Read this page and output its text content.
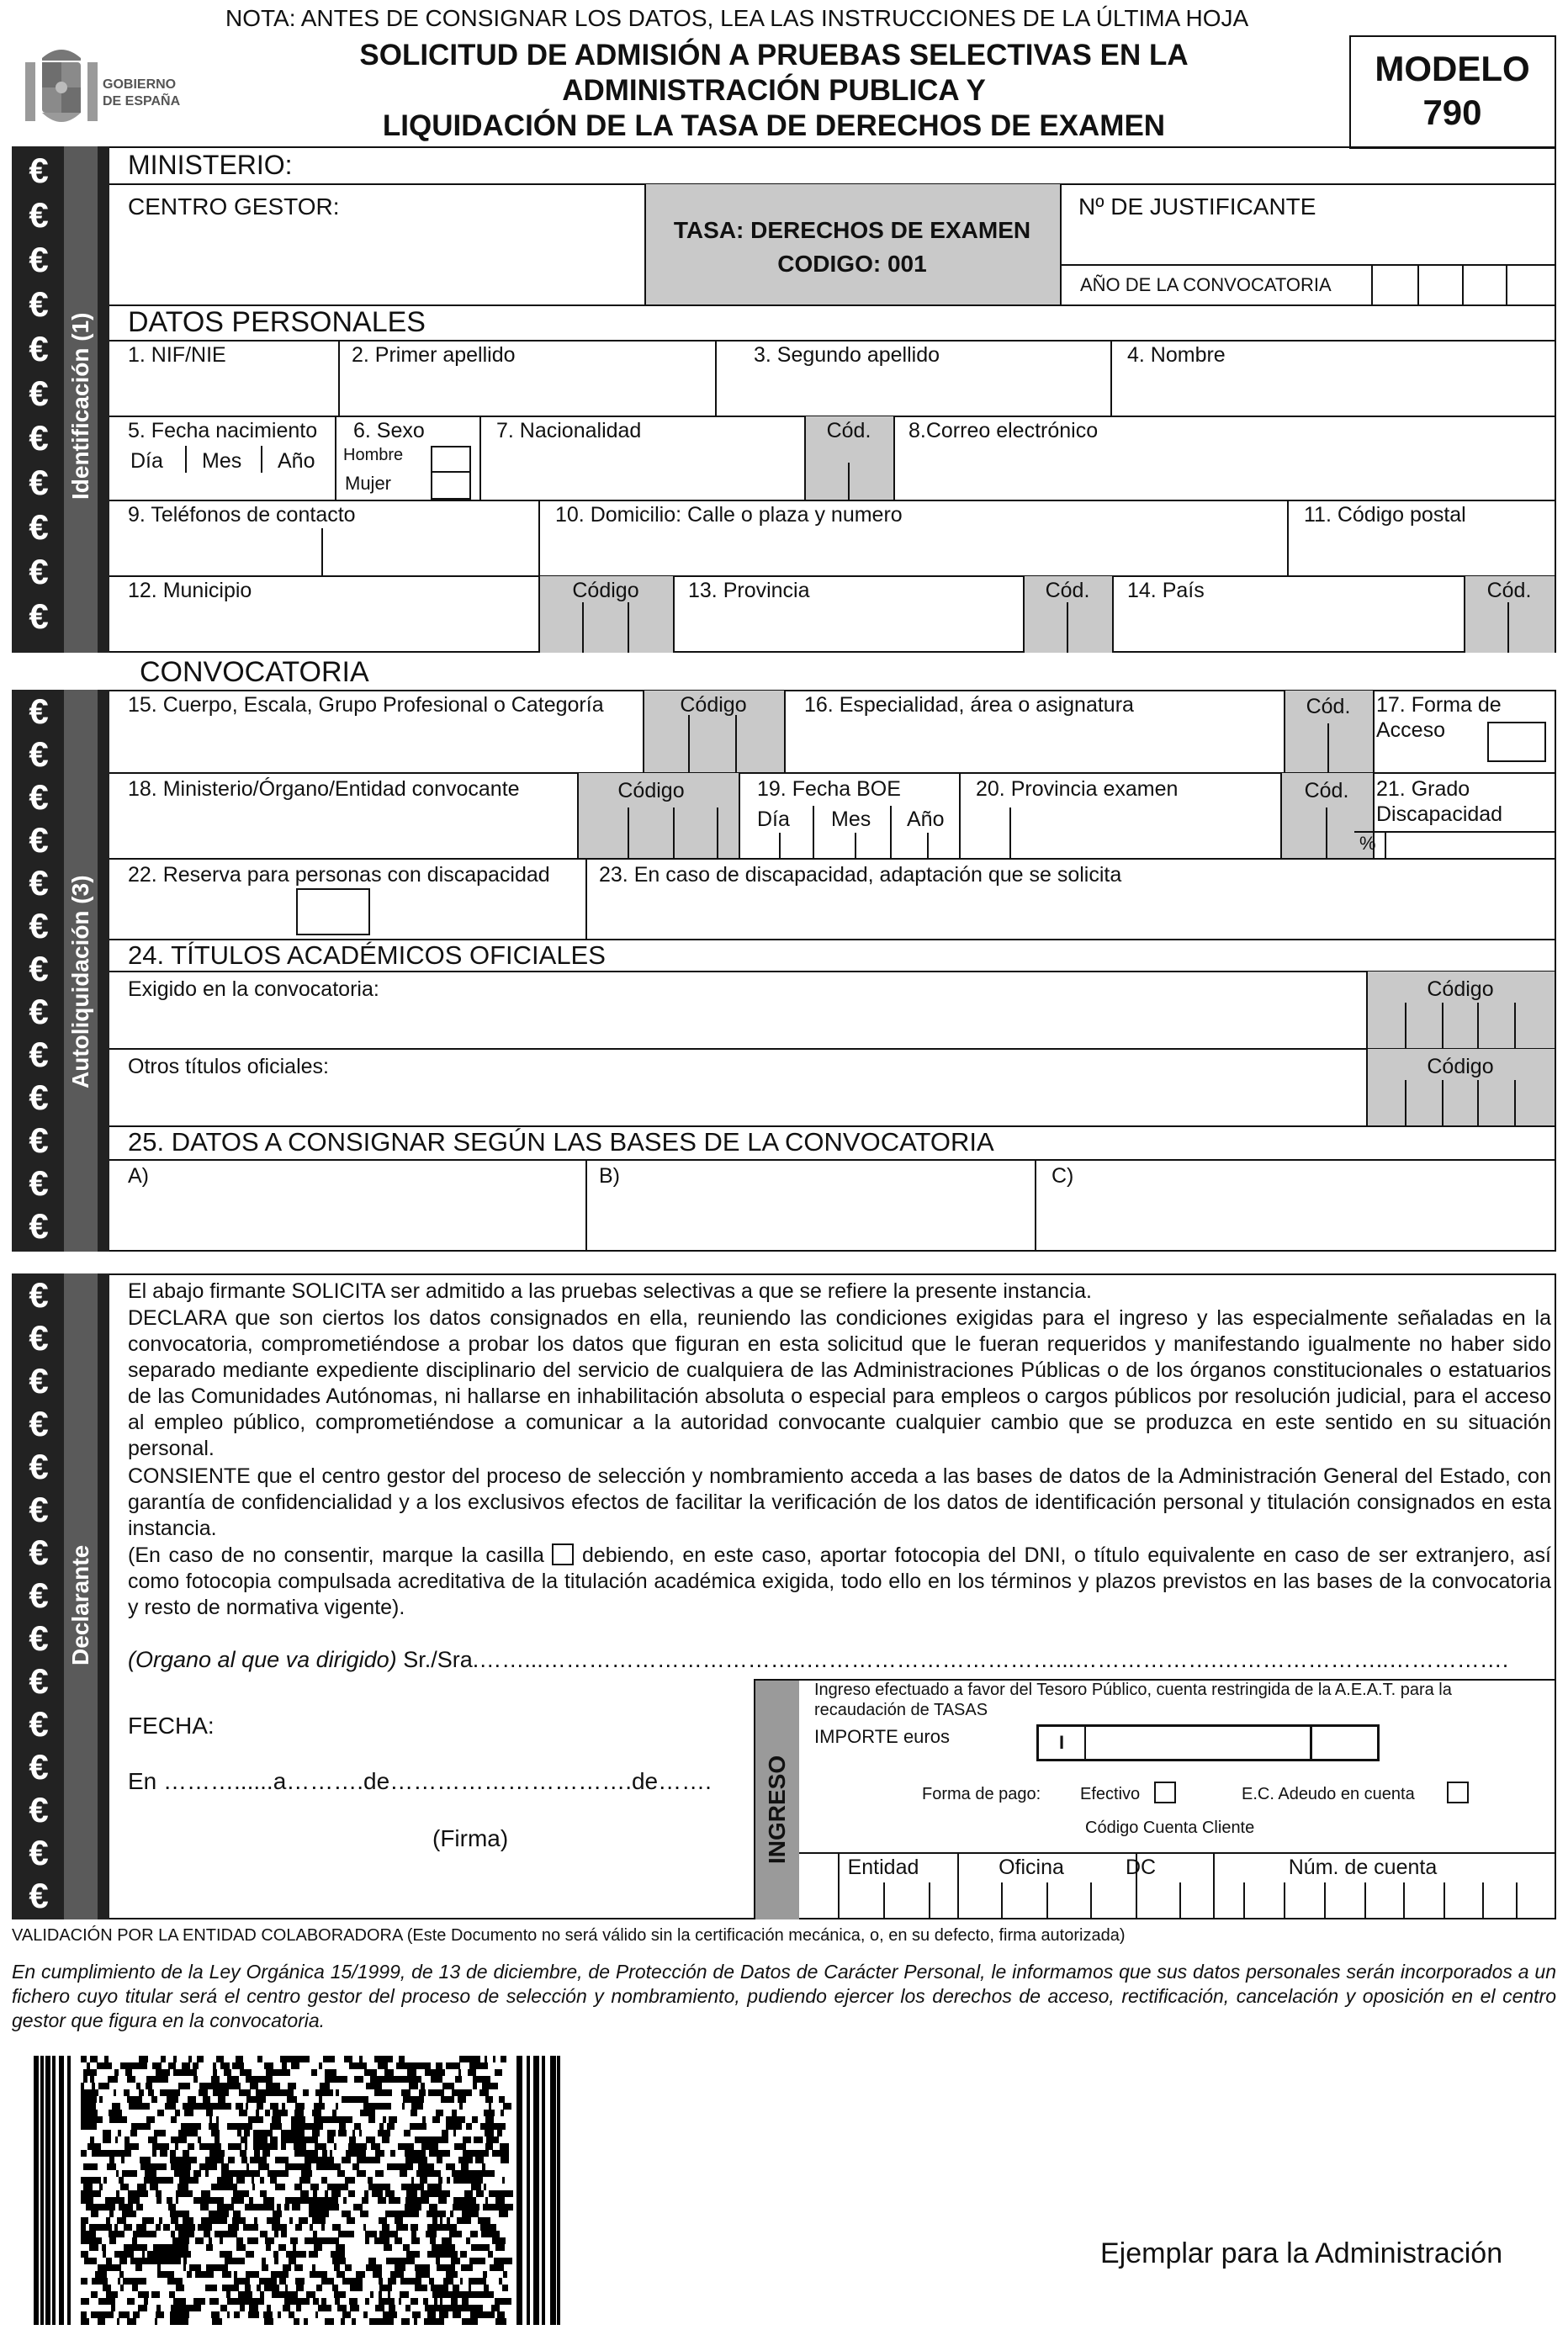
NOTA: ANTES DE CONSIGNAR LOS DATOS, LEA LAS INSTRUCCIONES DE LA ÚLTIMA HOJA
GOBIERNO
DE ESPAÑA
SOLICITUD DE ADMISIÓN A PRUEBAS SELECTIVAS EN LA
ADMINISTRACIÓN PUBLICA Y
LIQUIDACIÓN DE LA TASA DE DERECHOS DE EXAMEN
MODELO
790
€
€
€
€
€
€
€
€
€
€
€
Identificación (1)
MINISTERIO:
CENTRO GESTOR:
TASA: DERECHOS DE EXAMEN
CODIGO: 001
Nº DE JUSTIFICANTE
AÑO DE LA CONVOCATORIA
DATOS PERSONALES
1. NIF/NIE	2. Primer apellido	3. Segundo apellido	4. Nombre
5. Fecha nacimiento
Día Mes Año
6. Sexo
Hombre
Mujer
7. Nacionalidad	Cód.	8.Correo electrónico
9. Teléfonos de contacto	10. Domicilio: Calle o plaza y numero	11. Código postal
12. Municipio	Código	13. Provincia	Cód.	14. País	Cód.
CONVOCATORIA
€
€
€
€
€
€
€
€
€
€
€
€
€
Autoliquidación (3)
15. Cuerpo, Escala, Grupo Profesional o Categoría	Código	16. Especialidad, área o asignatura	Cód.	17. Forma de
Acceso
18. Ministerio/Órgano/Entidad convocante	Código	19. Fecha BOE
Día Mes Año
20. Provincia examen	Cód.	21. Grado
Discapacidad
%
22. Reserva para personas con discapacidad 23. En caso de discapacidad, adaptación que se solicita
24. TÍTULOS ACADÉMICOS OFICIALES
Exigido en la convocatoria:	Código
Otros títulos oficiales:	Código
25. DATOS A CONSIGNAR SEGÚN LAS BASES DE LA CONVOCATORIA
A)	B)	C)
€
€
€
€
€
€
€
€
€
€
€
€
€
€
€
Declarante
El abajo firmante SOLICITA ser admitido a las pruebas selectivas a que se refiere la presente instancia.
DECLARA que son ciertos los datos consignados en ella, reuniendo las condiciones exigidas para el ingreso y las especialmente señaladas en la convocatoria, comprometiéndose a probar los datos que figuran en esta solicitud que le fueran requeridos y manifestando igualmente no haber sido separado mediante expediente disciplinario del servicio de cualquiera de las Administraciones Públicas o de los órganos constitucionales o estatuarios de las Comunidades Autónomas, ni hallarse en inhabilitación absoluta o especial para empleos o cargos públicos por resolución judicial, para el acceso al empleo público, comprometiéndose a comunicar a la autoridad convocante cualquier cambio que se produzca en este sentido en su situación personal.
CONSIENTE que el centro gestor del proceso de selección y nombramiento acceda a las bases de datos de la Administración General del Estado, con garantía de confidencialidad y a los exclusivos efectos de facilitar la verificación de los datos de identificación personal y titulación consignados en esta instancia.
(En caso de no consentir, marque la casilla debiendo, en este caso, aportar fotocopia del DNI, o título equivalente en caso de ser extranjero, así como fotocopia compulsada acreditativa de la titulación académica exigida, todo ello en los términos y plazos previstos en las bases de la convocatoria y resto de normativa vigente).
(Organo al que va dirigido) Sr./Sra.……...……………………………..……………………………...……………….…………………..…………….
FECHA:
En ………......a……….de………………………….de…….
(Firma)	INGRESO
Ingreso efectuado a favor del Tesoro Público, cuenta restringida de la A.E.A.T. para la
recaudación de TASAS
IMPORTE euros	I
Forma de pago: Efectivo	E.C. Adeudo en cuenta
Código Cuenta Cliente
Entidad	Oficina	DC	Núm. de cuenta
VALIDACIÓN POR LA ENTIDAD COLABORADORA (Este Documento no será válido sin la certificación mecánica, o, en su defecto, firma autorizada)
En cumplimiento de la Ley Orgánica 15/1999, de 13 de diciembre, de Protección de Datos de Carácter Personal, le informamos que sus datos personales serán incorporados a un fichero cuyo titular será el centro gestor del proceso de selección y nombramiento, pudiendo ejercer los derechos de acceso, rectificación, cancelación y oposición en el centro gestor que figura en la convocatoria.
Ejemplar para la Administración
